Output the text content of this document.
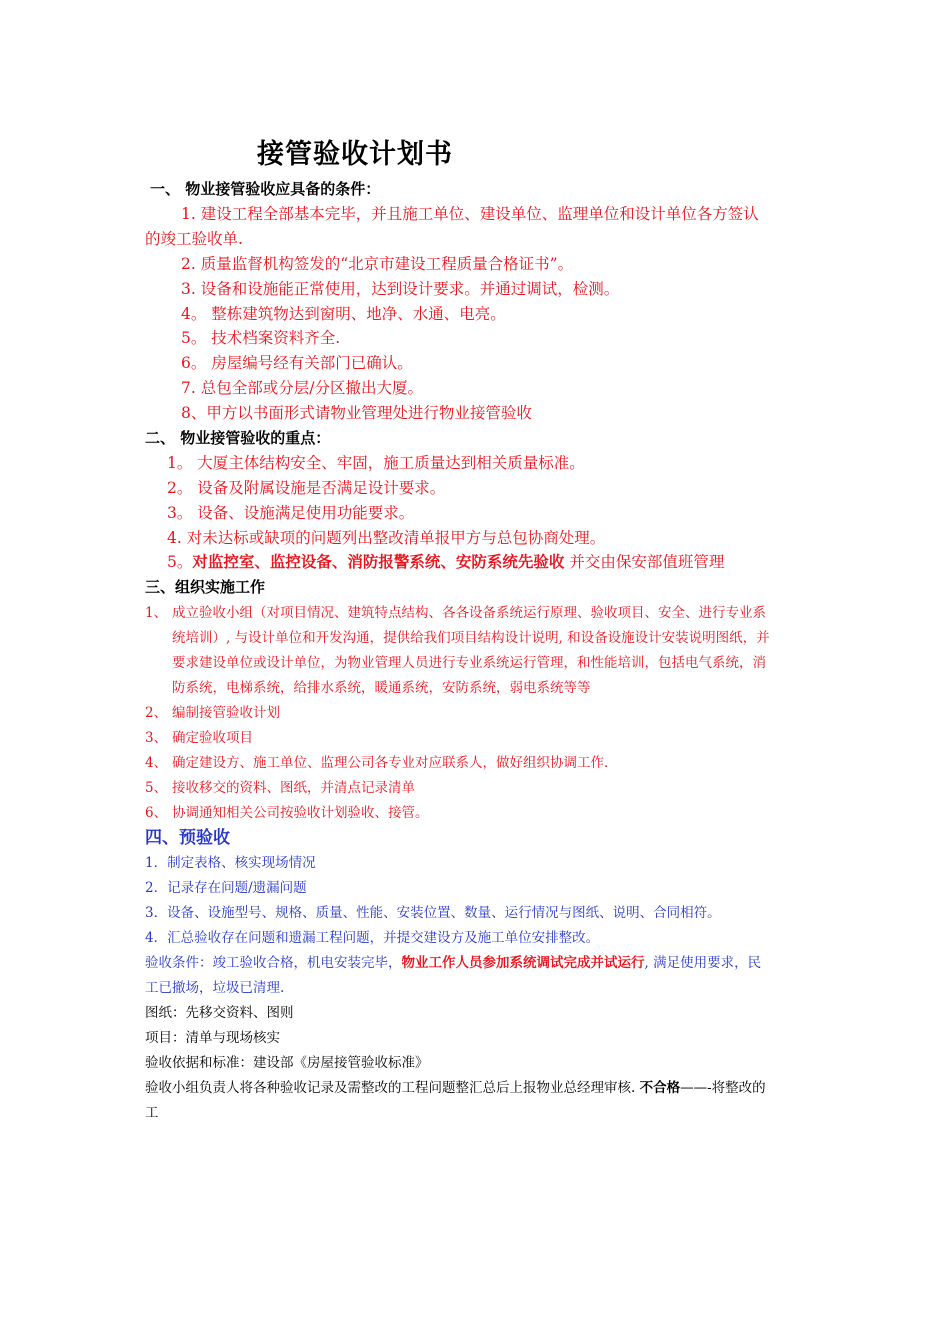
接管验收计划书
一、 物业接管验收应具备的条件：
1. 建设工程全部基本完毕，并且施工单位、建设单位、监理单位和设计单位各方签认
的竣工验收单.
2. 质量监督机构签发的“北京市建设工程质量合格证书”。
3. 设备和设施能正常使用，达到设计要求。并通过调试，检测。
4。 整栋建筑物达到窗明、地净、水通、电亮。
5。 技术档案资料齐全.
6。 房屋编号经有关部门已确认。
7. 总包全部或分层/分区撤出大厦。
8、甲方以书面形式请物业管理处进行物业接管验收
二、 物业接管验收的重点：
1。 大厦主体结构安全、牢固，施工质量达到相关质量标准。
2。 设备及附属设施是否满足设计要求。
3。 设备、设施满足使用功能要求。
4. 对未达标或缺项的问题列出整改清单报甲方与总包协商处理。
5。对监控室、监控设备、消防报警系统、安防系统先验收 并交由保安部值班管理
三、组织实施工作
1、 成立验收小组（对项目情况、建筑特点结构、各各设备系统运行原理、验收项目、安全、进行专业系
统培训）, 与设计单位和开发沟通，提供给我们项目结构设计说明, 和设备设施设计安装说明图纸，并
要求建设单位或设计单位，为物业管理人员进行专业系统运行管理，和性能培训，包括电气系统，消
防系统，电梯系统，给排水系统，暖通系统，安防系统，弱电系统等等
2、 编制接管验收计划
3、 确定验收项目
4、 确定建设方、施工单位、监理公司各专业对应联系人，做好组织协调工作.
5、 接收移交的资料、图纸，并清点记录清单
6、 协调通知相关公司按验收计划验收、接管。
四、预验收
1．制定表格、核实现场情况
2．记录存在问题/遗漏问题
3．设备、设施型号、规格、质量、性能、安装位置、数量、运行情况与图纸、说明、合同相符。
4．汇总验收存在问题和遗漏工程问题，并提交建设方及施工单位安排整改。
验收条件：竣工验收合格，机电安装完毕，物业工作人员参加系统调试完成并试运行, 满足使用要求，民
工已撤场，垃圾已清理.
图纸：先移交资料、图则
项目：清单与现场核实
验收依据和标准：建设部《房屋接管验收标准》
验收小组负责人将各种验收记录及需整改的工程问题整汇总后上报物业总经理审核. 不合格——-将整改的
工
